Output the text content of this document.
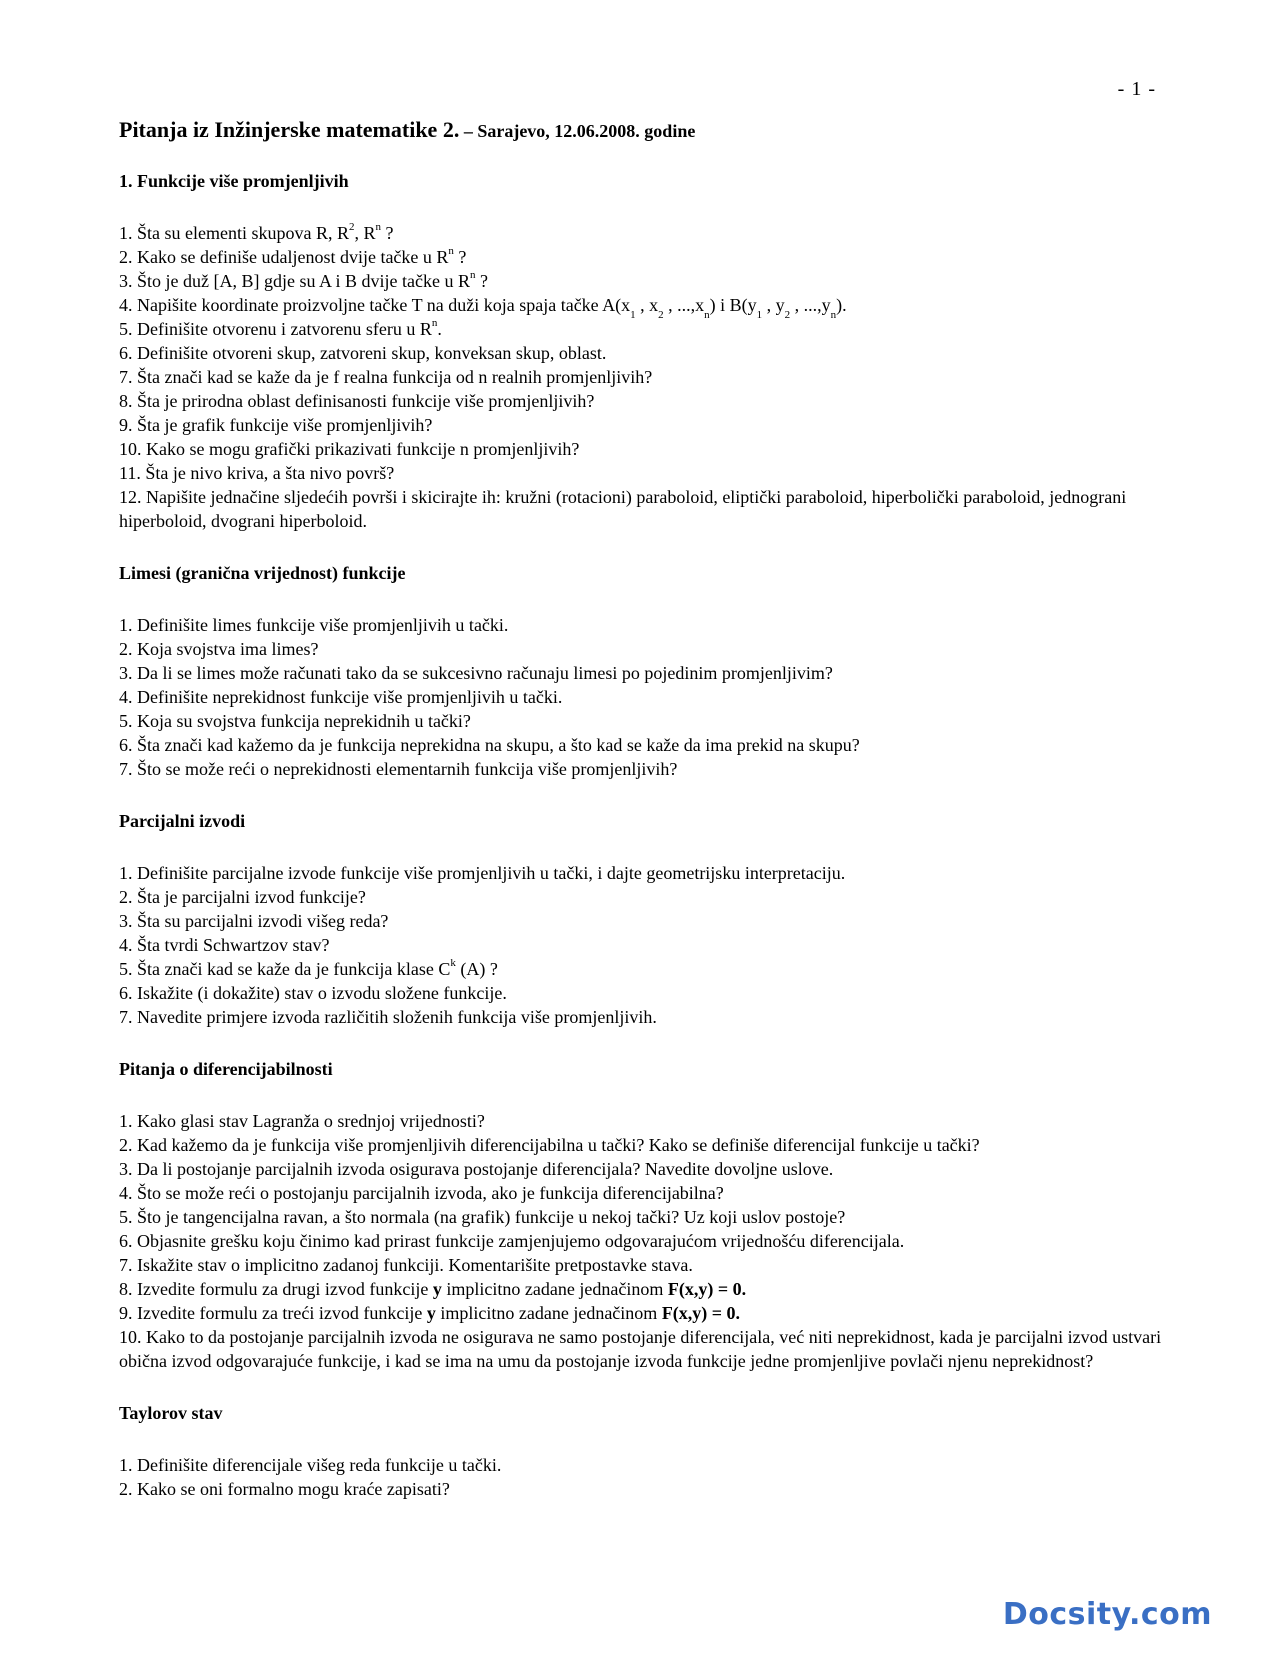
- 1 -
Pitanja iz Inžinjerske matematike 2. – Sarajevo, 12.06.2008. godine
1. Funkcije više promjenljivih
1. Šta su elementi skupova R, $R^2$, $R^n$ ?
2. Kako se definiše udaljenost dvije tačke u $R^n$ ?
3. Što je duž [A, B] gdje su A i B dvije tačke u $R^n$ ?
4. Napišite koordinate proizvoljne tačke T na duži koja spaja tačke $A(x_1$ , $x_2$ , $...,x_n$) i $B(y_1$ , $y_2$ , $...,y_n$).
5. Definišite otvorenu i zatvorenu sferu u $R^n$.
6. Definišite otvoreni skup, zatvoreni skup, konveksan skup, oblast.
7. Šta znači kad se kaže da je f realna funkcija od n realnih promjenljivih?
8. Šta je prirodna oblast definisanosti funkcije više promjenljivih?
9. Šta je grafik funkcije više promjenljivih?
10. Kako se mogu grafički prikazivati funkcije n promjenljivih?
11. Šta je nivo kriva, a šta nivo površ?
12. Napišite jednačine sljedećih površi i skicirajte ih: kružni (rotacioni) paraboloid, eliptički paraboloid, hiperbolički paraboloid, jednograni hiperboloid, dvograni hiperboloid.
Limesi (granična vrijednost) funkcije
1. Definišite limes funkcije više promjenljivih u tački.
2. Koja svojstva ima limes?
3. Da li se limes može računati tako da se sukcesivno računaju limesi po pojedinim promjenljivim?
4. Definišite neprekidnost funkcije više promjenljivih u tački.
5. Koja su svojstva funkcija neprekidnih u tački?
6. Šta znači kad kažemo da je funkcija neprekidna na skupu, a što kad se kaže da ima prekid na skupu?
7. Što se može reći o neprekidnosti elementarnih funkcija više promjenljivih?
Parcijalni izvodi
1. Definišite parcijalne izvode funkcije više promjenljivih u tački, i dajte geometrijsku interpretaciju.
2. Šta je parcijalni izvod funkcije?
3. Šta su parcijalni izvodi višeg reda?
4. Šta tvrdi Schwartzov stav?
5. Šta znači kad se kaže da je funkcija klase $C^k$ (A) ?
6. Iskažite (i dokažite) stav o izvodu složene funkcije.
7. Navedite primjere izvoda različitih složenih funkcija više promjenljivih.
Pitanja o diferencijabilnosti
1. Kako glasi stav Lagranža o srednjoj vrijednosti?
2. Kad kažemo da je funkcija više promjenljivih diferencijabilna u tački? Kako se definiše diferencijal funkcije u tački?
3. Da li postojanje parcijalnih izvoda osigurava postojanje diferencijala? Navedite dovoljne uslove.
4. Što se može reći o postojanju parcijalnih izvoda, ako je funkcija diferencijabilna?
5. Što je tangencijalna ravan, a što normala (na grafik) funkcije u nekoj tački? Uz koji uslov postoje?
6. Objasnite grešku koju činimo kad prirast funkcije zamjenjujemo odgovarajućom vrijednošću diferencijala.
7. Iskažite stav o implicitno zadanoj funkciji. Komentarišite pretpostavke stava.
8. Izvedite formulu za drugi izvod funkcije y implicitno zadane jednačinom F(x,y) = 0.
9. Izvedite formulu za treći izvod funkcije y implicitno zadane jednačinom F(x,y) = 0.
10. Kako to da postojanje parcijalnih izvoda ne osigurava ne samo postojanje diferencijala, već niti neprekidnost, kada je parcijalni izvod ustvari obična izvod odgovarajuće funkcije, i kad se ima na umu da postojanje izvoda funkcije jedne promjenljive povlači njenu neprekidnost?
Taylorov stav
1. Definišite diferencijale višeg reda funkcije u tački.
2. Kako se oni formalno mogu kraće zapisati?
Docsity.com
